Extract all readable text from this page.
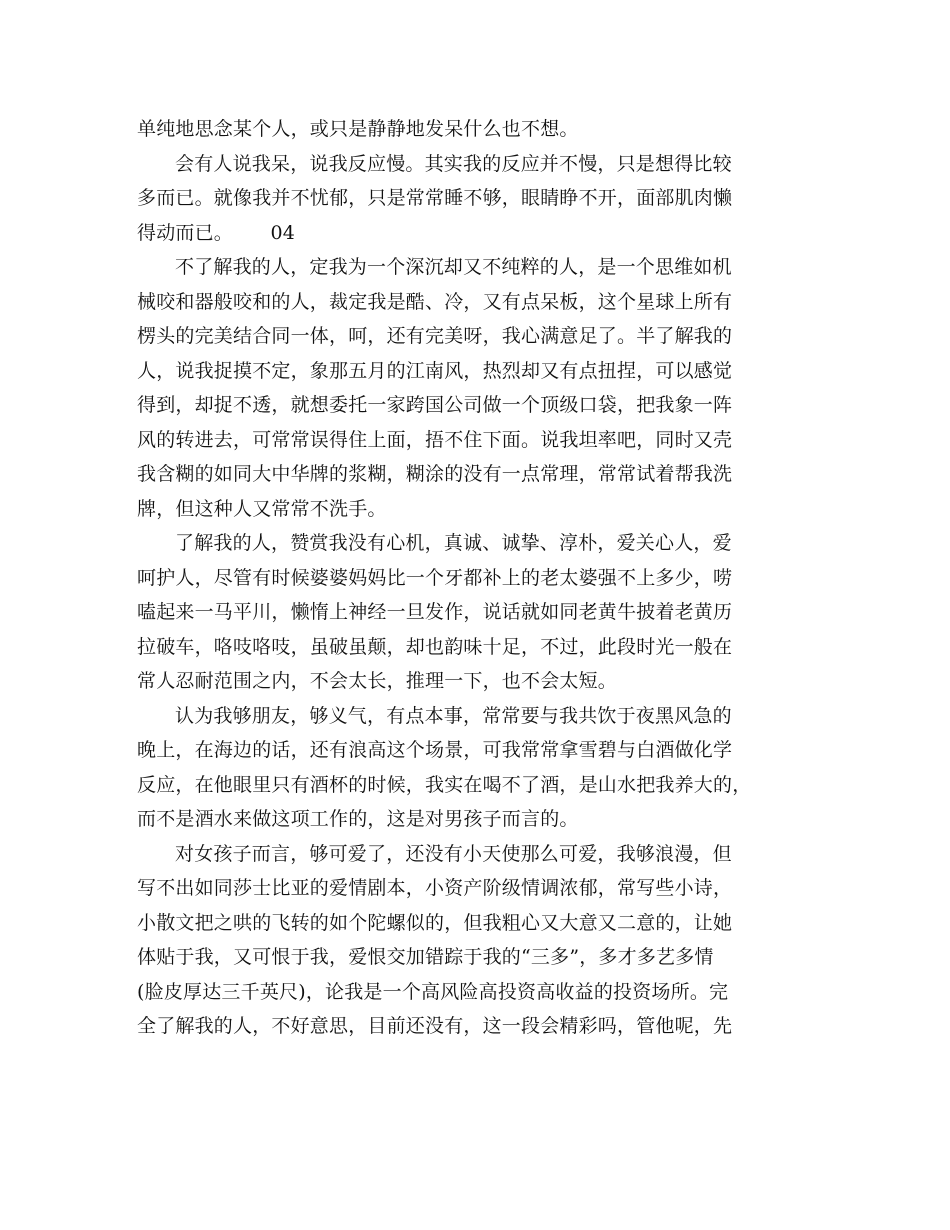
单纯地思念某个人，或只是静静地发呆什么也不想。
会有人说我呆，说我反应慢。其实我的反应并不慢，只是想得比较
多而已。就像我并不忧郁，只是常常睡不够，眼睛睁不开，面部肌肉懒
得动而已。      04
不了解我的人，定我为一个深沉却又不纯粹的人，是一个思维如机
械咬和器般咬和的人，裁定我是酷、冷，又有点呆板，这个星球上所有
楞头的完美结合同一体，呵，还有完美呀，我心满意足了。半了解我的
人，说我捉摸不定，象那五月的江南风，热烈却又有点扭捏，可以感觉
得到，却捉不透，就想委托一家跨国公司做一个顶级口袋，把我象一阵
风的转进去，可常常误得住上面，捂不住下面。说我坦率吧，同时又壳
我含糊的如同大中华牌的浆糊，糊涂的没有一点常理，常常试着帮我洗
牌，但这种人又常常不洗手。
了解我的人，赞赏我没有心机，真诚、诚挚、淳朴，爱关心人，爱
呵护人，尽管有时候婆婆妈妈比一个牙都补上的老太婆强不上多少，唠
嗑起来一马平川，懒惰上神经一旦发作，说话就如同老黄牛披着老黄历
拉破车，咯吱咯吱，虽破虽颠，却也韵味十足，不过，此段时光一般在
常人忍耐范围之内，不会太长，推理一下，也不会太短。
认为我够朋友，够义气，有点本事，常常要与我共饮于夜黑风急的
晚上，在海边的话，还有浪高这个场景，可我常常拿雪碧与白酒做化学
反应，在他眼里只有酒杯的时候，我实在喝不了酒，是山水把我养大的，
而不是酒水来做这项工作的，这是对男孩子而言的。
对女孩子而言，够可爱了，还没有小天使那么可爱，我够浪漫，但
写不出如同莎士比亚的爱情剧本，小资产阶级情调浓郁，常写些小诗，
小散文把之哄的飞转的如个陀螺似的，但我粗心又大意又二意的，让她
体贴于我，又可恨于我，爱恨交加错踪于我的“三多”，多才多艺多情
(脸皮厚达三千英尺)，论我是一个高风险高投资高收益的投资场所。完
全了解我的人，不好意思，目前还没有，这一段会精彩吗，管他呢，先
